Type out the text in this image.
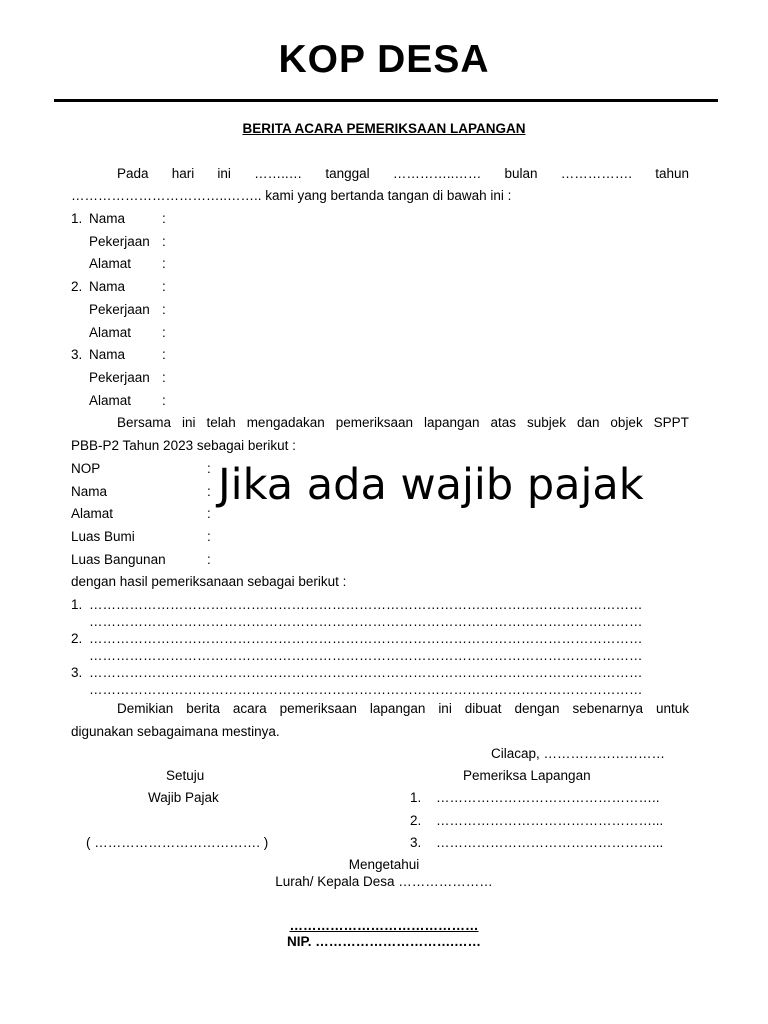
KOP DESA
BERITA ACARA PEMERIKSAAN LAPANGAN
Pada hari ini ……..… tanggal …………..…… bulan ……………. tahun
……………………………..…….. kami yang bertanda tangan di bawah ini :
1. Nama	:
Pekerjaan :
Alamat :
2. Nama	:
Pekerjaan :
Alamat :
3. Nama	:
Pekerjaan :
Alamat :
Bersama ini telah mengadakan pemeriksaan lapangan atas subjek dan objek SPPT
PBB-P2 Tahun 2023 sebagai berikut :
NOP	:
Nama	:
Alamat	:
Luas Bumi	:
Luas Bangunan	:
Jika ada wajib pajak
dengan hasil pemeriksanaan sebagai berikut :
1. ……………………………………………………………………………………………………………
……………………………………………………………………………………………………………
2. ……………………………………………………………………………………………………………
……………………………………………………………………………………………………………
3. ……………………………………………………………………………………………………………
……………………………………………………………………………………………………………
Demikian berita acara pemeriksaan lapangan ini dibuat dengan sebenarnya untuk
digunakan sebagaimana mestinya.
Cilacap, ………………………
Setuju
Wajib Pajak
( ………………………………. )
Pemeriksa Lapangan
1. …………………………………………..
2. …………………………………………...
3. …………………………………………...
Mengetahui
Lurah/ Kepala Desa …………………
……………………………………
NIP. ………………………….……
